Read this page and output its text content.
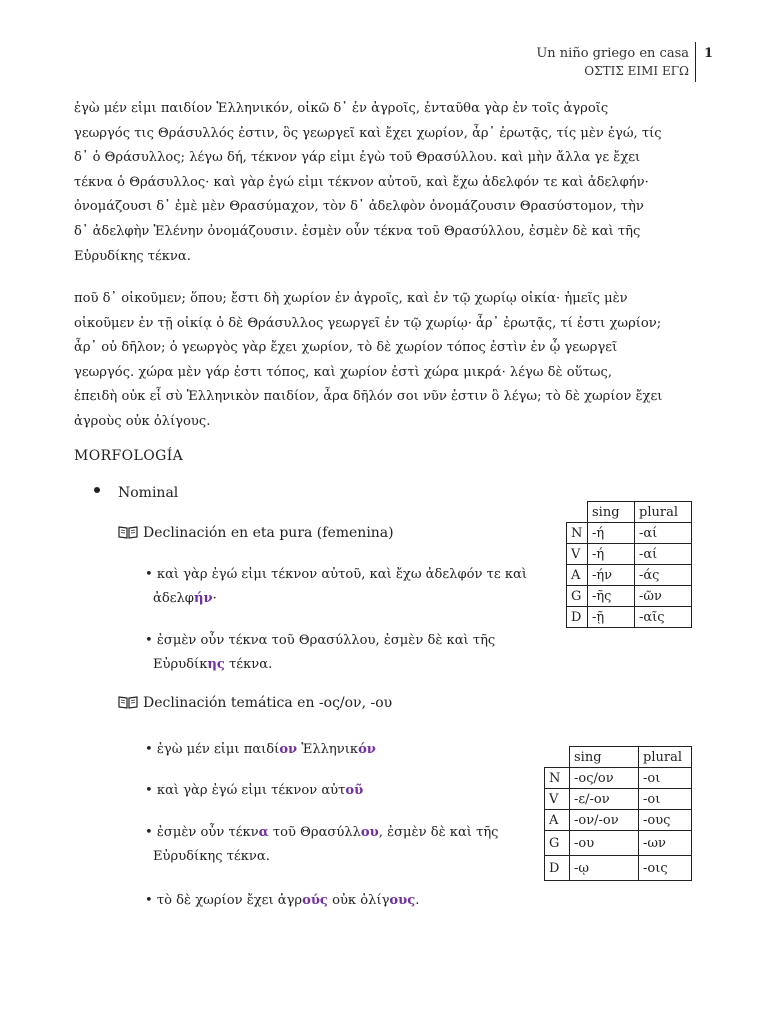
Un niño griego en casa
ΟΣΤΙΣ ΕΙΜΙ ΕΓΩ
1
ἐγὼ μέν εἰμι παιδίον Ἑλληνικόν, οἰκῶ δ᾽ ἐν ἀγροῖς, ἐνταῦθα γὰρ ἐν τοῖς ἀγροῖς
γεωργός τις Θράσυλλός ἐστιν, ὃς γεωργεῖ καὶ ἔχει χωρίον, ἆρ᾽ ἐρωτᾷς, τίς μὲν ἐγώ, τίς
δ᾽ ὁ Θράσυλλος; λέγω δή, τέκνον γάρ εἰμι ἐγὼ τοῦ Θρασύλλου. καὶ μὴν ἄλλα γε ἔχει
τέκνα ὁ Θράσυλλος· καὶ γὰρ ἐγώ εἰμι τέκνον αὐτοῦ, καὶ ἔχω ἀδελφόν τε καὶ ἀδελφήν·
ὀνομάζουσι δ᾽ ἐμὲ μὲν Θρασύμαχον, τὸν δ᾽ ἀδελφὸν ὀνομάζουσιν Θρασύστομον, τὴν
δ᾽ ἀδελφὴν Ἑλένην ὀνομάζουσιν. ἐσμὲν οὖν τέκνα τοῦ Θρασύλλου, ἐσμὲν δὲ καὶ τῆς
Εὐρυδίκης τέκνα.
ποῦ δ᾽ οἰκοῦμεν; ὅπου; ἔστι δὴ χωρίον ἐν ἀγροῖς, καὶ ἐν τῷ χωρίῳ οἰκία· ἡμεῖς μὲν
οἰκοῦμεν ἐν τῇ οἰκίᾳ ὁ δὲ Θράσυλλος γεωργεῖ ἐν τῷ χωρίῳ· ἆρ᾽ ἐρωτᾷς, τί ἐστι χωρίον;
ἆρ᾽ οὐ δῆλον; ὁ γεωργὸς γὰρ ἔχει χωρίον, τὸ δὲ χωρίον τόπος ἐστὶν ἐν ᾧ γεωργεῖ
γεωργός. χώρα μὲν γάρ ἐστι τόπος, καὶ χωρίον ἐστὶ χώρα μικρά· λέγω δὲ οὕτως,
ἐπειδὴ οὐκ εἶ σὺ Ἑλληνικὸν παιδίον, ἆρα δῆλόν σοι νῦν ἐστιν ὃ λέγω; τὸ δὲ χωρίον ἔχει
ἀγροὺς οὐκ ὀλίγους.
MORFOLOGÍA
Nominal
Declinación en eta pura (femenina)
• καὶ γὰρ ἐγώ εἰμι τέκνον αὐτοῦ, καὶ ἔχω ἀδελφόν τε καὶ
ἀδελφήν·
• ἐσμὲν οὖν τέκνα τοῦ Θρασύλλου, ἐσμὲν δὲ καὶ τῆς
Εὐρυδίκης τέκνα.
Declinación temática en -ος/ον, -ου
• ἐγὼ μέν εἰμι παιδίον Ἑλληνικόν
• καὶ γὰρ ἐγώ εἰμι τέκνον αὐτοῦ
• ἐσμὲν οὖν τέκνα τοῦ Θρασύλλου, ἐσμὲν δὲ καὶ τῆς
Εὐρυδίκης τέκνα.
• τὸ δὲ χωρίον ἔχει ἀγρούς οὐκ ὀλίγους.
	sing	plural
N	-ή	-αί
V	-ή	-αί
A	-ήν	-άς
G	-ῆς	-ῶν
D	-ῇ	-αῖς
	sing	plural
N	-ος/ον	-οι
V	-ε/-ον	-οι
A	-ον/-ον	-ους
G	-ου	-ων
D	-ῳ	-οις
